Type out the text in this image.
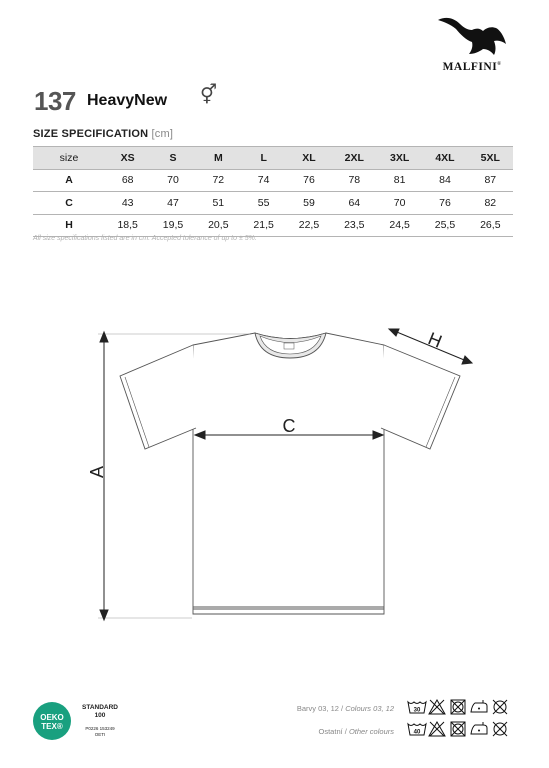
MALFINI®
137 HeavyNew ⚥
SIZE SPECIFICATION [cm]
size	XS	S	M	L	XL	2XL	3XL	4XL	5XL
A	68	70	72	74	76	78	81	84	87
C	43	47	51	55	59	64	70	76	82
H	18,5	19,5	20,5	21,5	22,5	23,5	24,5	25,5	26,5
All size specifications listed are in cm. Accepted tolerance of up to ± 5%.
A
C
H
OEKO
TEX®
STANDARD
100
P0226 153249
OETI
Barvy 03, 12 / Colours 03, 12
Ostatní / Other colours
30
40
